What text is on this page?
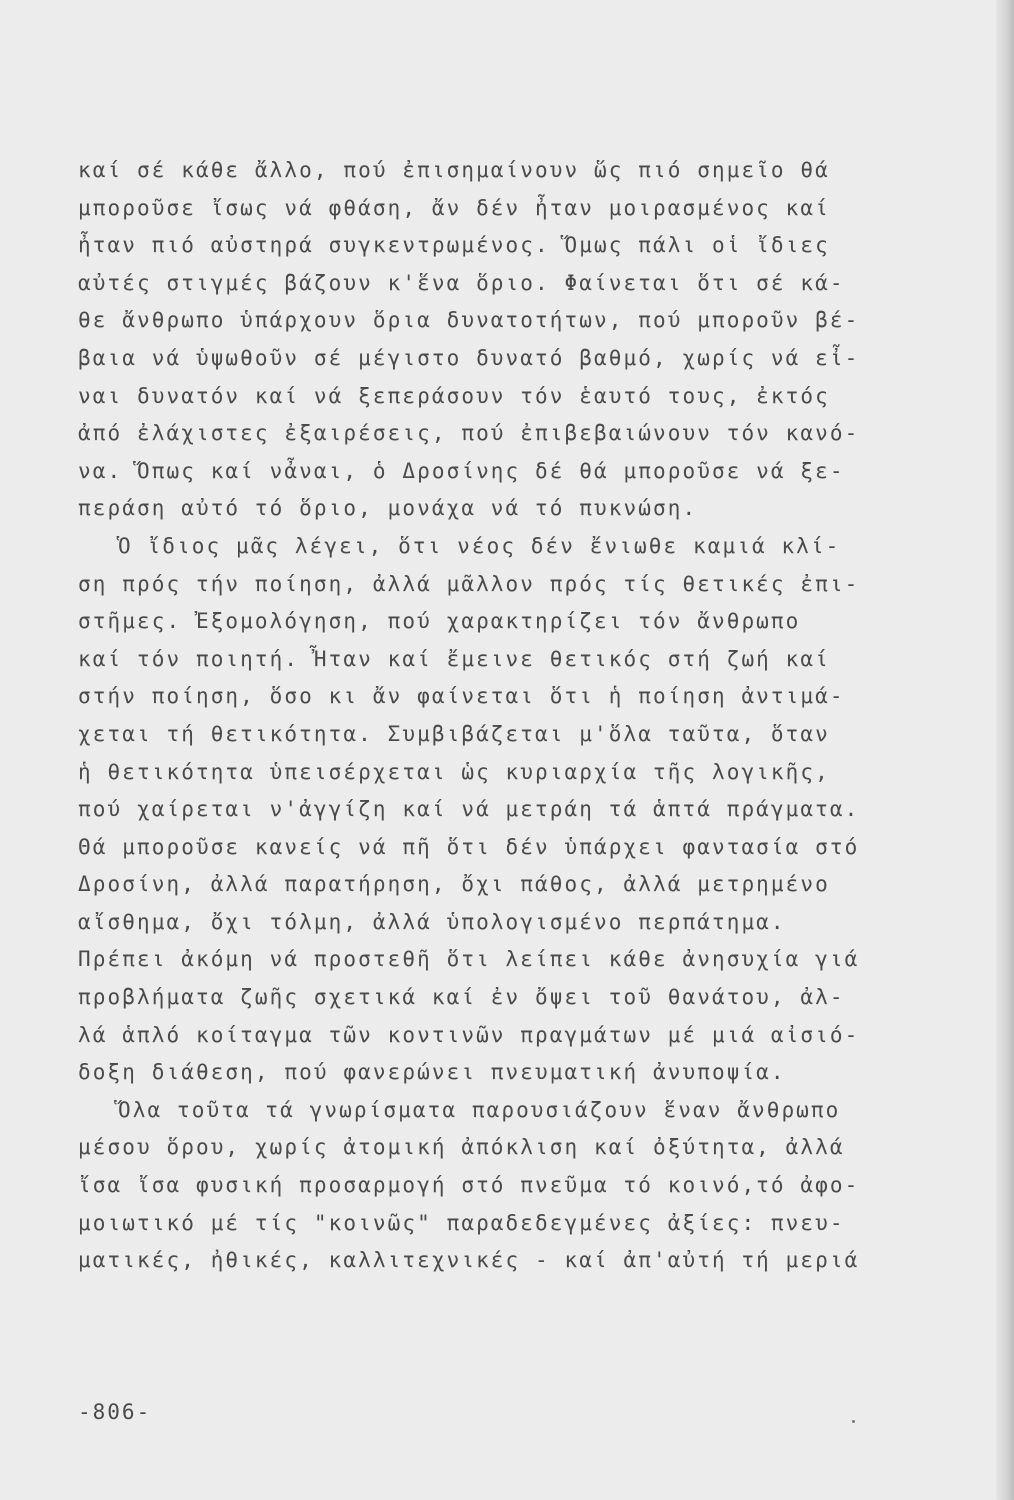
καί σέ κάθε ἄλλο, πού ἐπισημαίνουν ὥς πιό σημεῖο θά
μποροῦσε ἴσως νά φθάση, ἄν δέν ἦταν μοιρασμένος καί
ἦταν πιό αὐστηρά συγκεντρωμένος. Ὅμως πάλι οἱ ἴδιες
αὐτές στιγμές βάζουν κ'ἕνα ὅριο. Φαίνεται ὅτι σέ κά-
θε ἄνθρωπο ὑπάρχουν ὅρια δυνατοτήτων, πού μποροῦν βέ-
βαια νά ὑψωθοῦν σέ μέγιστο δυνατό βαθμό, χωρίς νά εἶ-
ναι δυνατόν καί νά ξεπεράσουν τόν ἑαυτό τους, ἐκτός
ἀπό ἐλάχιστες ἐξαιρέσεις, πού ἐπιβεβαιώνουν τόν κανό-
να. Ὅπως καί νἆναι, ὁ Δροσίνης δέ θά μποροῦσε νά ξε-
περάση αὐτό τό ὅριο, μονάχα νά τό πυκνώση.
Ὁ ἴδιος μᾶς λέγει, ὅτι νέος δέν ἔνιωθε καμιά κλί-
ση πρός τήν ποίηση, ἀλλά μᾶλλον πρός τίς θετικές ἐπι-
στῆμες. Ἐξομολόγηση, πού χαρακτηρίζει τόν ἄνθρωπο
καί τόν ποιητή. Ἦταν καί ἔμεινε θετικός στή ζωή καί
στήν ποίηση, ὅσο κι ἄν φαίνεται ὅτι ἡ ποίηση ἀντιμά-
χεται τή θετικότητα. Συμβιβάζεται μ'ὅλα ταῦτα, ὅταν
ἡ θετικότητα ὑπεισέρχεται ὡς κυριαρχία τῆς λογικῆς,
πού χαίρεται ν'ἀγγίζη καί νά μετράη τά ἁπτά πράγματα.
Θά μποροῦσε κανείς νά πῆ ὅτι δέν ὑπάρχει φαντασία στό
Δροσίνη, ἀλλά παρατήρηση, ὄχι πάθος, ἀλλά μετρημένο
αἴσθημα, ὄχι τόλμη, ἀλλά ὑπολογισμένο περπάτημα.
Πρέπει ἀκόμη νά προστεθῆ ὅτι λείπει κάθε ἀνησυχία γιά
προβλήματα ζωῆς σχετικά καί ἐν ὄψει τοῦ θανάτου, ἀλ-
λά ἁπλό κοίταγμα τῶν κοντινῶν πραγμάτων μέ μιά αἰσιό-
δοξη διάθεση, πού φανερώνει πνευματική ἀνυποψία.
Ὅλα τοῦτα τά γνωρίσματα παρουσιάζουν ἕναν ἄνθρωπο
μέσου ὅρου, χωρίς ἀτομική ἀπόκλιση καί ὀξύτητα, ἀλλά
ἴσα ἴσα φυσική προσαρμογή στό πνεῦμα τό κοινό,τό ἀφο-
μοιωτικό μέ τίς "κοινῶς" παραδεδεγμένες ἀξίες: πνευ-
ματικές, ἠθικές, καλλιτεχνικές - καί ἀπ'αὐτή τή μεριά
-806-
